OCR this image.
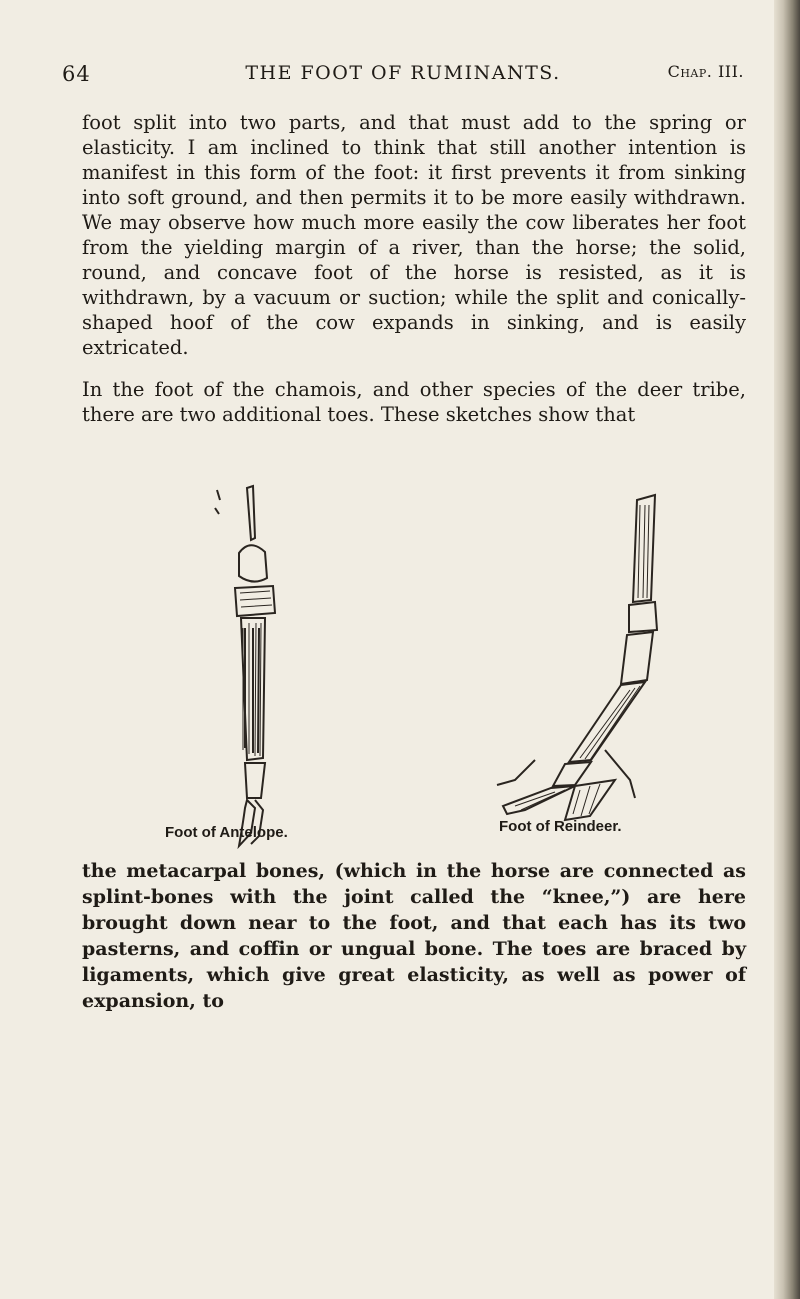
THE FOOT OF RUMINANTS.
64	Chap. III.

foot split into two parts, and that must add to the spring or elasticity. I am inclined to think that still another intention is manifest in this form of the foot: it first prevents it from sinking into soft ground, and then permits it to be more easily withdrawn. We may observe how much more easily the cow liberates her foot from the yielding margin of a river, than the horse; the solid, round, and concave foot of the horse is resisted, as it is withdrawn, by a vacuum or suction; while the split and conically-shaped hoof of the cow expands in sinking, and is easily extricated.

In the foot of the chamois, and other species of the deer tribe, there are two additional toes. These sketches show that

Foot of Antelope.	Foot of Reindeer.

the metacarpal bones, (which in the horse are connected as splint-bones with the joint called the “knee,”) are here brought down near to the foot, and that each has its two pasterns, and coffin or ungual bone. The toes are braced by ligaments, which give great elasticity, as well as power of expansion, to
